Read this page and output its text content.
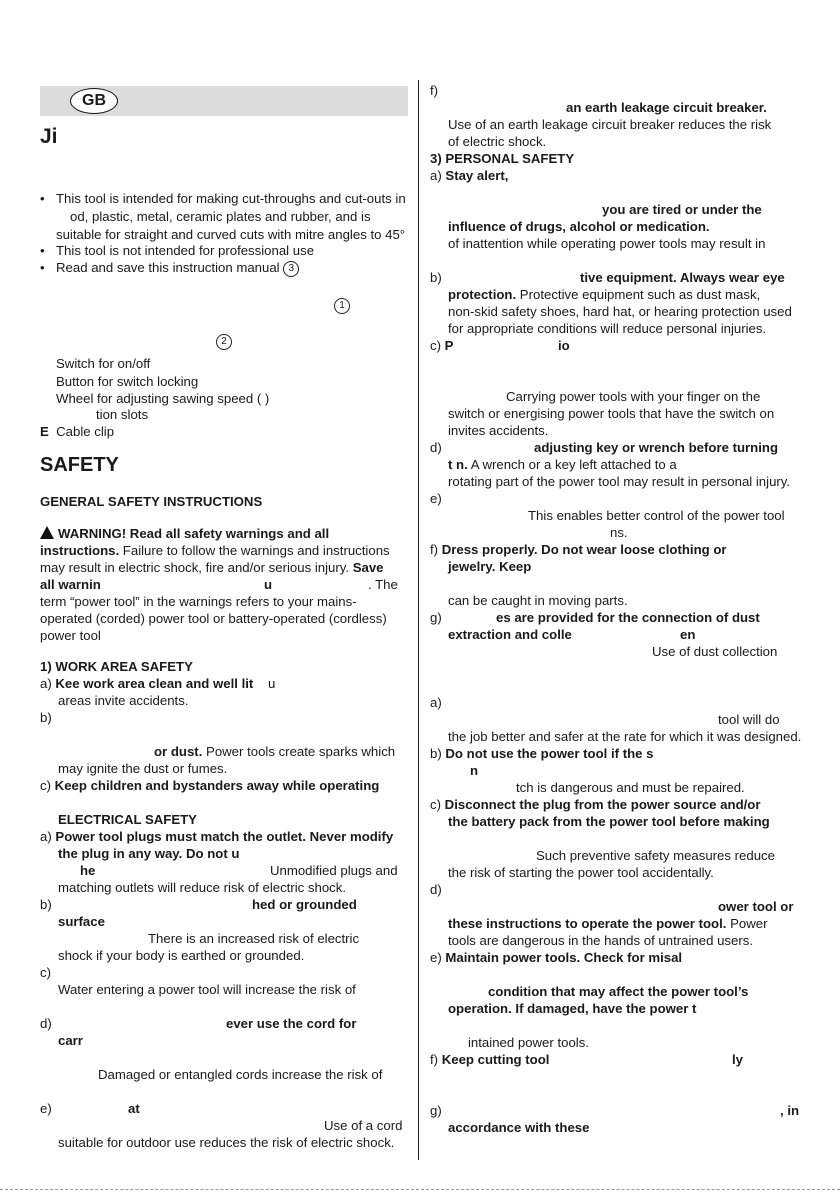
GB
Ji
• This tool is intended for making cut-throughs and cut-outs in
od, plastic, metal, ceramic plates and rubber, and is
suitable for straight and curved cuts with mitre angles to 45°
• This tool is not intended for professional use
• Read and save this instruction manual 3
1
2
Switch for on/off
Button for switch locking
Wheel for adjusting sawing speed ( )
tion slots
E Cable clip
SAFETY
GENERAL SAFETY INSTRUCTIONS
WARNING! Read all safety warnings and all
instructions. Failure to follow the warnings and instructions
may result in electric shock, fire and/or serious injury. Save
all warnin	u	. The
term “power tool” in the warnings refers to your mains-
operated (corded) power tool or battery-operated (cordless)
power tool
1) WORK AREA SAFETY
a) Kee work area clean and well lit u
areas invite accidents.
b)
or dust. Power tools create sparks which
may ignite the dust or fumes.
c) Keep children and bystanders away while operating
ELECTRICAL SAFETY
a) Power tool plugs must match the outlet. Never modify
the plug in any way. Do not u
he	Unmodified plugs and
matching outlets will reduce risk of electric shock.
b)	hed or grounded
surface
There is an increased risk of electric
shock if your body is earthed or grounded.
c)
Water entering a power tool will increase the risk of
d)	ever use the cord for
carr
Damaged or entangled cords increase the risk of
e)	at
Use of a cord
suitable for outdoor use reduces the risk of electric shock.
f)
an earth leakage circuit breaker.
Use of an earth leakage circuit breaker reduces the risk
of electric shock.
3) PERSONAL SAFETY
a) Stay alert,
you are tired or under the
influence of drugs, alcohol or medication.
of inattention while operating power tools may result in
b)	tive equipment. Always wear eye
protection. Protective equipment such as dust mask,
non-skid safety shoes, hard hat, or hearing protection used
for appropriate conditions will reduce personal injuries.
c) P	io
Carrying power tools with your finger on the
switch or energising power tools that have the switch on
invites accidents.
d)	adjusting key or wrench before turning
t n. A wrench or a key left attached to a
rotating part of the power tool may result in personal injury.
e)
This enables better control of the power tool
ns.
f) Dress properly. Do not wear loose clothing or
jewelry. Keep
can be caught in moving parts.
g)	es are provided for the connection of dust
extraction and colle	en
Use of dust collection
a)
tool will do
the job better and safer at the rate for which it was designed.
b) Do not use the power tool if the s
n
tch is dangerous and must be repaired.
c) Disconnect the plug from the power source and/or
the battery pack from the power tool before making
Such preventive safety measures reduce
the risk of starting the power tool accidentally.
d)
ower tool or
these instructions to operate the power tool. Power
tools are dangerous in the hands of untrained users.
e) Maintain power tools. Check for misal
condition that may affect the power tool’s
operation. If damaged, have the power t
intained power tools.
f) Keep cutting tool	ly
g)	, in
accordance with these
